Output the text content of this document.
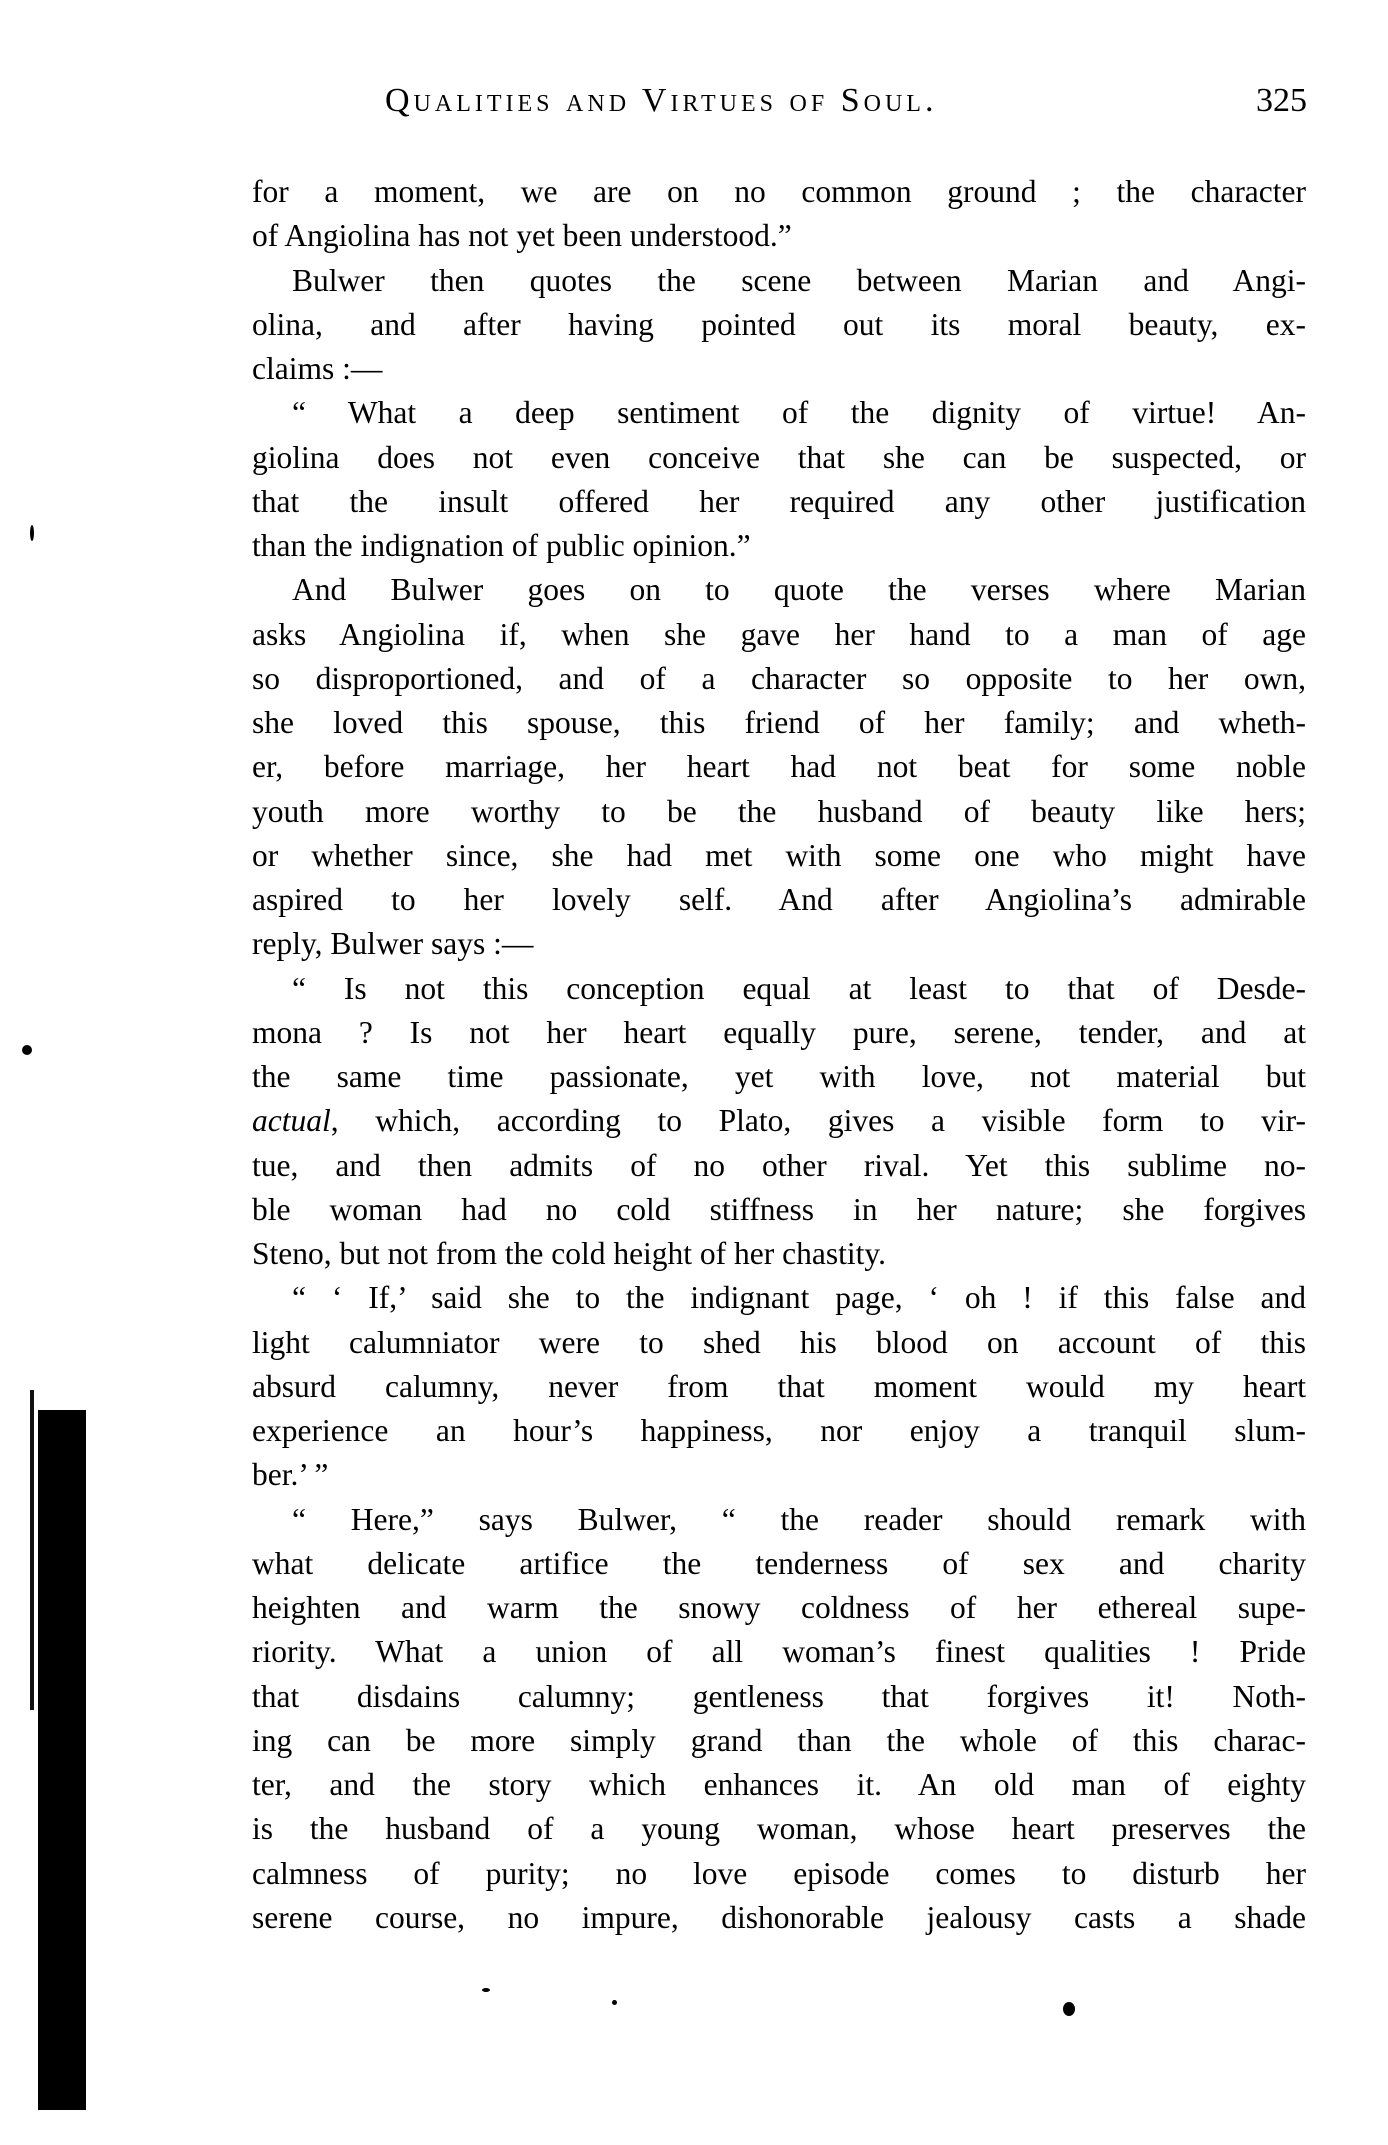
Qualities and Virtues of Soul.	325
for a moment, we are on no common ground ; the character
of Angiolina has not yet been understood.”
Bulwer then quotes the scene between Marian and Angi-
olina, and after having pointed out its moral beauty, ex-
claims :—
“ What a deep sentiment of the dignity of virtue! An-
giolina does not even conceive that she can be suspected, or
that the insult offered her required any other justification
than the indignation of public opinion.”
And Bulwer goes on to quote the verses where Marian
asks Angiolina if, when she gave her hand to a man of age
so disproportioned, and of a character so opposite to her own,
she loved this spouse, this friend of her family; and wheth-
er, before marriage, her heart had not beat for some noble
youth more worthy to be the husband of beauty like hers;
or whether since, she had met with some one who might have
aspired to her lovely self. And after Angiolina’s admirable
reply, Bulwer says :—
“ Is not this conception equal at least to that of Desde-
mona ? Is not her heart equally pure, serene, tender, and at
the same time passionate, yet with love, not material but
actual, which, according to Plato, gives a visible form to vir-
tue, and then admits of no other rival. Yet this sublime no-
ble woman had no cold stiffness in her nature; she forgives
Steno, but not from the cold height of her chastity.
“ ‘ If,’ said she to the indignant page, ‘ oh ! if this false and
light calumniator were to shed his blood on account of this
absurd calumny, never from that moment would my heart
experience an hour’s happiness, nor enjoy a tranquil slum-
ber.’ ”
“ Here,” says Bulwer, “ the reader should remark with
what delicate artifice the tenderness of sex and charity
heighten and warm the snowy coldness of her ethereal supe-
riority. What a union of all woman’s finest qualities ! Pride
that disdains calumny; gentleness that forgives it! Noth-
ing can be more simply grand than the whole of this charac-
ter, and the story which enhances it. An old man of eighty
is the husband of a young woman, whose heart preserves the
calmness of purity; no love episode comes to disturb her
serene course, no impure, dishonorable jealousy casts a shade
